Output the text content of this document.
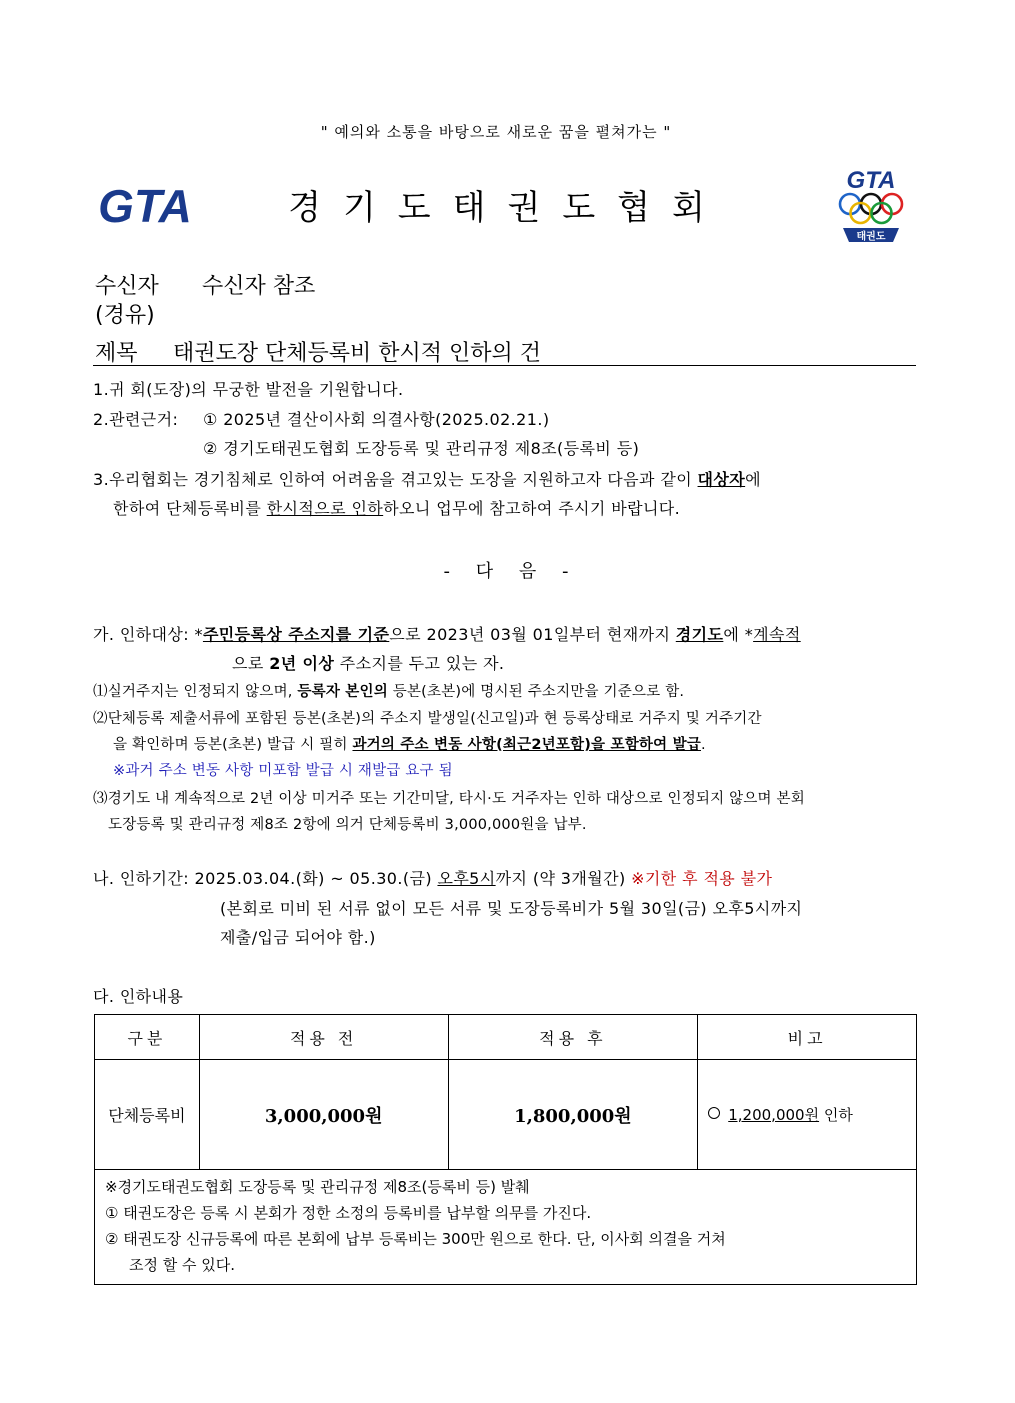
" 예의와 소통을 바탕으로 새로운 꿈을 펼쳐가는 "
GTA	경기도태권도협회
GTA
태권도
수신자 수신자 참조
(경유)
제목 태권도장 단체등록비 한시적 인하의 건
1.귀 회(도장)의 무궁한 발전을 기원합니다.
2.관련근거: ① 2025년 결산이사회 의결사항(2025.02.21.)
② 경기도태권도협회 도장등록 및 관리규정 제8조(등록비 등)
3.우리협회는 경기침체로 인하여 어려움을 겪고있는 도장을 지원하고자 다음과 같이 대상자에
한하여 단체등록비를 한시적으로 인하하오니 업무에 참고하여 주시기 바랍니다.
- 다 음 -
가. 인하대상: *주민등록상 주소지를 기준으로 2023년 03월 01일부터 현재까지 경기도에 *계속적
으로 2년 이상 주소지를 두고 있는 자.
⑴실거주지는 인정되지 않으며, 등록자 본인의 등본(초본)에 명시된 주소지만을 기준으로 함.
⑵단체등록 제출서류에 포함된 등본(초본)의 주소지 발생일(신고일)과 현 등록상태로 거주지 및 거주기간
을 확인하며 등본(초본) 발급 시 필히 과거의 주소 변동 사항(최근2년포함)을 포함하여 발급.
※과거 주소 변동 사항 미포함 발급 시 재발급 요구 됨
⑶경기도 내 계속적으로 2년 이상 미거주 또는 기간미달, 타시·도 거주자는 인하 대상으로 인정되지 않으며 본회
도장등록 및 관리규정 제8조 2항에 의거 단체등록비 3,000,000원을 납부.
나. 인하기간: 2025.03.04.(화) ~ 05.30.(금) 오후5시까지 (약 3개월간) ※기한 후 적용 불가
(본회로 미비 된 서류 없이 모든 서류 및 도장등록비가 5월 30일(금) 오후5시까지
제출/입금 되어야 함.)
다. 인하내용
구분	적용 전	적용 후	비고
단체등록비	3,000,000원	1,800,000원	1,200,000원 인하

※경기도태권도협회 도장등록 및 관리규정 제8조(등록비 등) 발췌
① 태권도장은 등록 시 본회가 정한 소정의 등록비를 납부할 의무를 가진다.
② 태권도장 신규등록에 따른 본회에 납부 등록비는 300만 원으로 한다. 단, 이사회 의결을 거쳐
조정 할 수 있다.			
